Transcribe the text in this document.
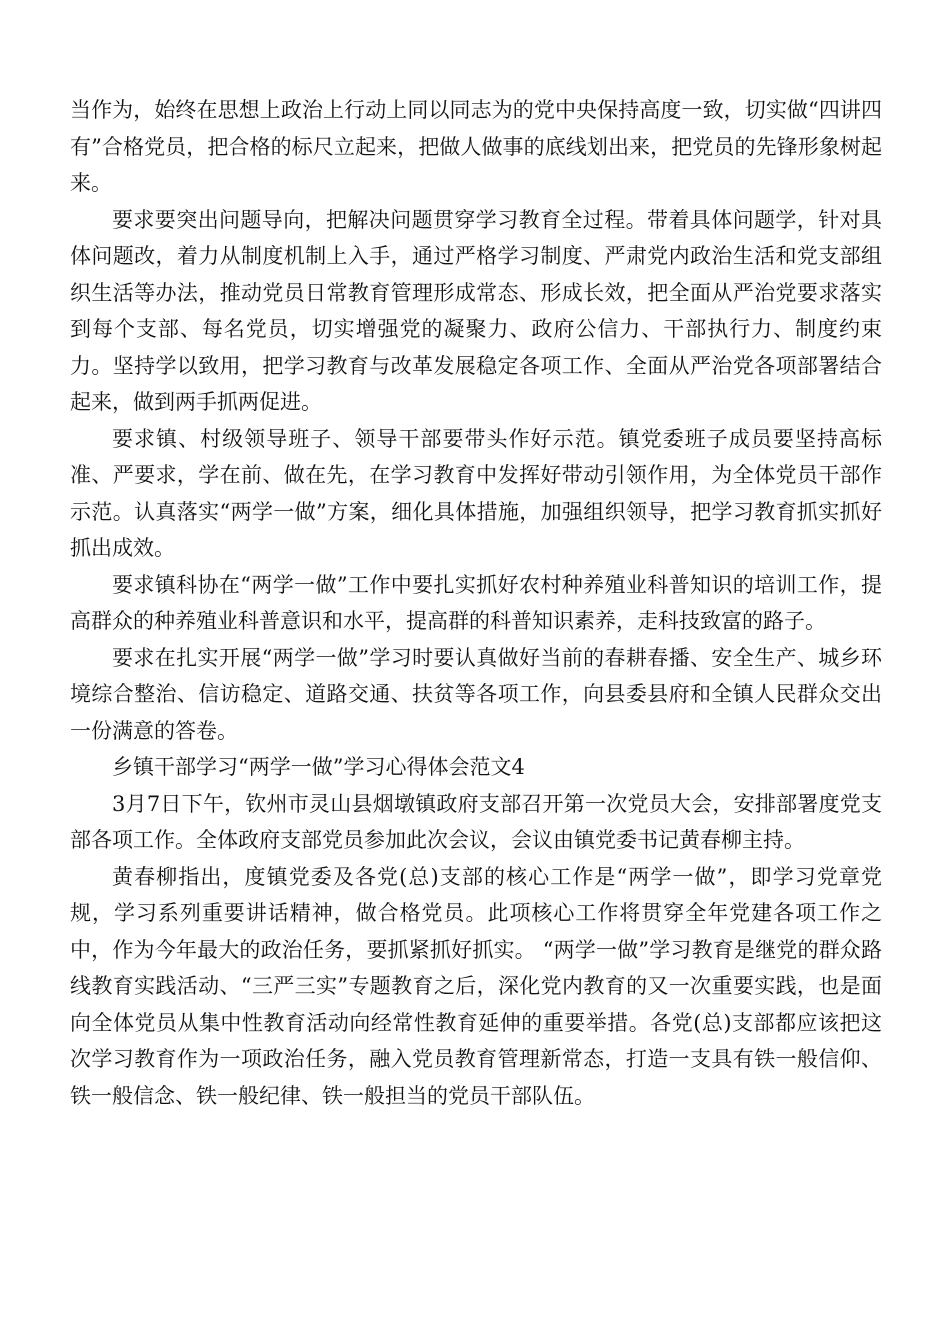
当作为，始终在思想上政治上行动上同以同志为的党中央保持高度一致，切实做“四讲四有”合格党员，把合格的标尺立起来，把做人做事的底线划出来，把党员的先锋形象树起来。

要求要突出问题导向，把解决问题贯穿学习教育全过程。带着具体问题学，针对具体问题改，着力从制度机制上入手，通过严格学习制度、严肃党内政治生活和党支部组织生活等办法，推动党员日常教育管理形成常态、形成长效，把全面从严治党要求落实到每个支部、每名党员，切实增强党的凝聚力、政府公信力、干部执行力、制度约束力。坚持学以致用，把学习教育与改革发展稳定各项工作、全面从严治党各项部署结合起来，做到两手抓两促进。

要求镇、村级领导班子、领导干部要带头作好示范。镇党委班子成员要坚持高标准、严要求，学在前、做在先，在学习教育中发挥好带动引领作用，为全体党员干部作示范。认真落实“两学一做”方案，细化具体措施，加强组织领导，把学习教育抓实抓好抓出成效。

要求镇科协在“两学一做”工作中要扎实抓好农村种养殖业科普知识的培训工作，提高群众的种养殖业科普意识和水平，提高群的科普知识素养，走科技致富的路子。

要求在扎实开展“两学一做”学习时要认真做好当前的春耕春播、安全生产、城乡环境综合整治、信访稳定、道路交通、扶贫等各项工作，向县委县府和全镇人民群众交出一份满意的答卷。

乡镇干部学习“两学一做”学习心得体会范文4

3月7日下午，钦州市灵山县烟墩镇政府支部召开第一次党员大会，安排部署度党支部各项工作。全体政府支部党员参加此次会议，会议由镇党委书记黄春柳主持。

黄春柳指出，度镇党委及各党(总)支部的核心工作是“两学一做”，即学习党章党规，学习系列重要讲话精神，做合格党员。此项核心工作将贯穿全年党建各项工作之中，作为今年最大的政治任务，要抓紧抓好抓实。 “两学一做”学习教育是继党的群众路线教育实践活动、“三严三实”专题教育之后，深化党内教育的又一次重要实践，也是面向全体党员从集中性教育活动向经常性教育延伸的重要举措。各党(总)支部都应该把这次学习教育作为一项政治任务，融入党员教育管理新常态，打造一支具有铁一般信仰、铁一般信念、铁一般纪律、铁一般担当的党员干部队伍。
